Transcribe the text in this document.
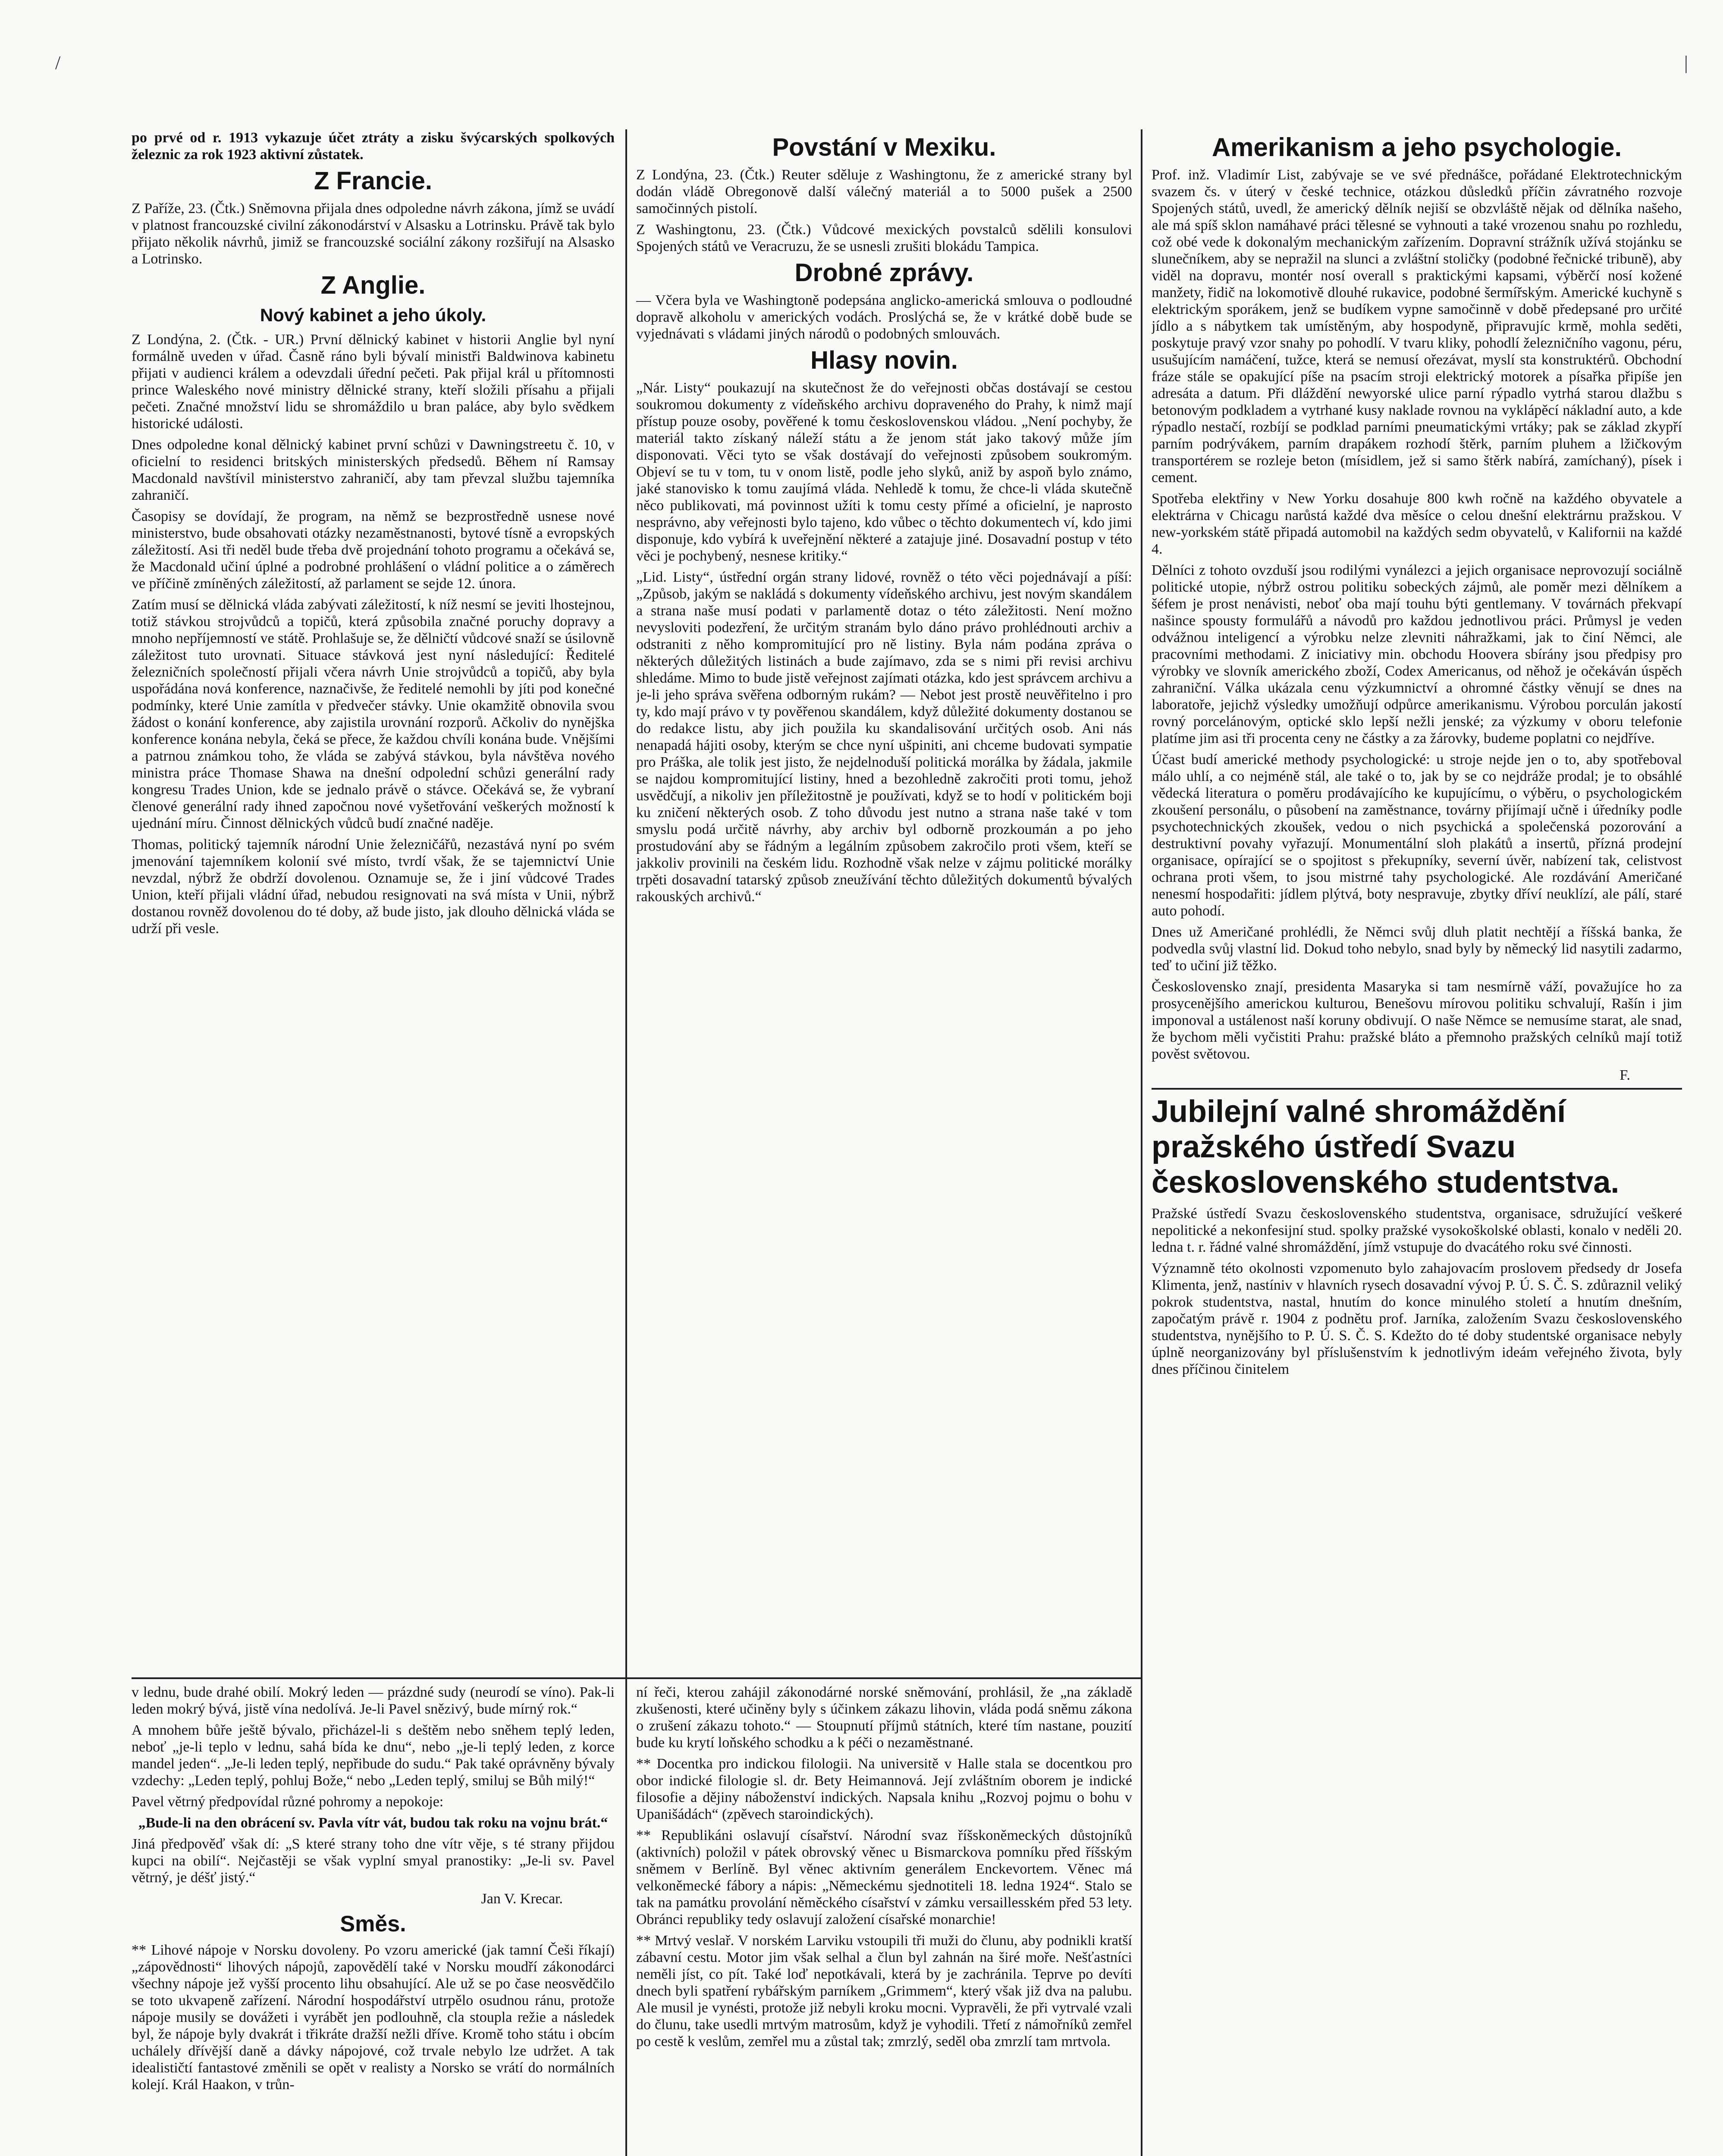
/	|

po prvé od r. 1913 vykazuje účet ztráty a zisku švýcarských spolkových železnic za rok 1923 aktivní zůstatek.

Z Francie.

Z Paříže, 23. (Čtk.) Sněmovna přijala dnes odpoledne návrh zákona, jímž se uvádí v platnost francouzské civilní zákonodárství v Alsasku a Lotrinsku. Právě tak bylo přijato několik návrhů, jimiž se francouzské sociální zákony rozšiřují na Alsasko a Lotrinsko.

Z Anglie.
Nový kabinet a jeho úkoly.

Z Londýna, 2. (Čtk. - UR.) První dělnický kabinet v historii Anglie byl nyní formálně uveden v úřad. Časně ráno byli bývalí ministři Baldwinova kabinetu přijati v audienci králem a odevzdali úřední pečeti. Pak přijal král u přítomnosti prince Waleského nové ministry dělnické strany, kteří složili přísahu a přijali pečeti. Značné množství lidu se shromáždilo u bran paláce, aby bylo svědkem historické události.

Dnes odpoledne konal dělnický kabinet první schůzi v Dawningstreetu č. 10, v oficielní to residenci britských ministerských předsedů. Během ní Ramsay Macdonald navštívil ministerstvo zahraničí, aby tam převzal službu tajemníka zahraničí.

Časopisy se dovídají, že program, na němž se bezprostředně usnese nové ministerstvo, bude obsahovati otázky nezaměstnanosti, bytové tísně a evropských záležitostí. Asi tři neděl bude třeba dvě projednání tohoto programu a očekává se, že Macdonald učiní úplné a podrobné prohlášení o vládní politice a o záměrech ve příčině zmíněných záležitostí, až parlament se sejde 12. února.

Zatím musí se dělnická vláda zabývati záležitostí, k níž nesmí se jeviti lhostejnou, totiž stávkou strojvůdců a topičů, která způsobila značné poruchy dopravy a mnoho nepříjemností ve státě. Prohlašuje se, že dělničtí vůdcové snaží se úsilovně záležitost tuto urovnati. Situace stávková jest nyní následující: Ředitelé železničních společností přijali včera návrh Unie strojvůdců a topičů, aby byla uspořádána nová konference, naznačivše, že ředitelé nemohli by jíti pod konečné podmínky, které Unie zamítla v předvečer stávky. Unie okamžitě obnovila svou žádost o konání konference, aby zajistila urovnání rozporů. Ačkoliv do nynějška konference konána nebyla, čeká se přece, že každou chvíli konána bude. Vnějšími a patrnou známkou toho, že vláda se zabývá stávkou, byla návštěva nového ministra práce Thomase Shawa na dnešní odpolední schůzi generální rady kongresu Trades Union, kde se jednalo právě o stávce. Očekává se, že vybraní členové generální rady ihned započnou nové vyšetřování veškerých možností k ujednání míru. Činnost dělnických vůdců budí značné naděje.

Thomas, politický tajemník národní Unie železničářů, nezastává nyní po svém jmenování tajemníkem kolonií své místo, tvrdí však, že se tajemnictví Unie nevzdal, nýbrž že obdrží dovolenou. Oznamuje se, že i jiní vůdcové Trades Union, kteří přijali vládní úřad, nebudou resignovati na svá místa v Unii, nýbrž dostanou rovněž dovolenou do té doby, až bude jisto, jak dlouho dělnická vláda se udrží při vesle.

Povstání v Mexiku.

Z Londýna, 23. (Čtk.) Reuter sděluje z Washingtonu, že z americké strany byl dodán vládě Obregonově další válečný materiál a to 5000 pušek a 2500 samočinných pistolí.

Z Washingtonu, 23. (Čtk.) Vůdcové mexických povstalců sdělili konsulovi Spojených států ve Veracruzu, že se usnesli zrušiti blokádu Tampica.

Drobné zprávy.

— Včera byla ve Washingtoně podepsána anglicko-americká smlouva o podloudné dopravě alkoholu v amerických vodách. Proslýchá se, že v krátké době bude se vyjednávati s vládami jiných národů o podobných smlouvách.

Hlasy novin.

„Nár. Listy“ poukazují na skutečnost že do veřejnosti občas dostávají se cestou soukromou dokumenty z vídeňského archivu dopraveného do Prahy, k nimž mají přístup pouze osoby, pověřené k tomu československou vládou. „Není pochyby, že materiál takto získaný náleží státu a že jenom stát jako takový může jím disponovati. Věci tyto se však dostávají do veřejnosti způsobem soukromým. Objeví se tu v tom, tu v onom listě, podle jeho slyků, aniž by aspoň bylo známo, jaké stanovisko k tomu zaujímá vláda. Nehledě k tomu, že chce-li vláda skutečně něco publikovati, má povinnost užíti k tomu cesty přímé a oficielní, je naprosto nesprávno, aby veřejnosti bylo tajeno, kdo vůbec o těchto dokumentech ví, kdo jimi disponuje, kdo vybírá k uveřejnění některé a zatajuje jiné. Dosavadní postup v této věci je pochybený, nesnese kritiky.“

„Lid. Listy“, ústřední orgán strany lidové, rovněž o této věci pojednávají a píší: „Způsob, jakým se nakládá s dokumenty vídeňského archivu, jest novým skandálem a strana naše musí podati v parlamentě dotaz o této záležitosti. Není možno nevysloviti podezření, že určitým stranám bylo dáno právo prohlédnouti archiv a odstraniti z něho kompromitující pro ně listiny. Byla nám podána zpráva o některých důležitých listinách a bude zajímavo, zda se s nimi při revisi archivu shledáme. Mimo to bude jistě veřejnost zajímati otázka, kdo jest správcem archivu a je-li jeho správa svěřena odborným rukám? — Nebot jest prostě neuvěřitelno i pro ty, kdo mají právo v ty pověřenou skandálem, když důležité dokumenty dostanou se do redakce listu, aby jich použila ku skandalisování určitých osob. Ani nás nenapadá hájiti osoby, kterým se chce nyní ušpiniti, ani chceme budovati sympatie pro Práška, ale tolik jest jisto, že nejdelnoduší politická morálka by žádala, jakmile se najdou kompromitující listiny, hned a bezohledně zakročiti proti tomu, jehož usvědčují, a nikoliv jen příležitostně je používati, když se to hodí v politickém boji ku zničení některých osob. Z toho důvodu jest nutno a strana naše také v tom smyslu podá určitě návrhy, aby archiv byl odborně prozkoumán a po jeho prostudování aby se řádným a legálním způsobem zakročilo proti všem, kteří se jakkoliv provinili na českém lidu. Rozhodně však nelze v zájmu politické morálky trpěti dosavadní tatarský způsob zneužívání těchto důležitých dokumentů bývalých rakouských archivů.“

Amerikanism a jeho psychologie.

Prof. inž. Vladimír List, zabývaje se ve své přednášce, pořádané Elektrotechnickým svazem čs. v úterý v české technice, otázkou důsledků příčin závratného rozvoje Spojených států, uvedl, že americký dělník nejiší se obzvláště nějak od dělníka našeho, ale má spíš sklon namáhavé práci tělesné se vyhnouti a také vrozenou snahu po rozhledu, což obé vede k dokonalým mechanickým zařízením. Dopravní strážník užívá stojánku se slunečníkem, aby se nepražil na slunci a zvláštní stoličky (podobné řečnické tribuně), aby viděl na dopravu, montér nosí overall s praktickými kapsami, výběrčí nosí kožené manžety, řidič na lokomotivě dlouhé rukavice, podobné šermířským. Americké kuchyně s elektrickým sporákem, jenž se budíkem vypne samočinně v době předepsané pro určité jídlo a s nábytkem tak umístěným, aby hospodyně, připravujíc krmě, mohla seděti, poskytuje pravý vzor snahy po pohodlí. V tvaru kliky, pohodlí železničního vagonu, péru, usušujícím namáčení, tužce, která se nemusí ořezávat, myslí sta konstruktérů. Obchodní fráze stále se opakující píše na psacím stroji elektrický motorek a písařka připíše jen adresáta a datum. Při dláždění newyorské ulice parní rýpadlo vytrhá starou dlažbu s betonovým podkladem a vytrhané kusy naklade rovnou na vyklápěcí nákladní auto, a kde rýpadlo nestačí, rozbíjí se podklad parními pneumatickými vrtáky; pak se základ zkypří parním podrývákem, parním drapákem rozhodí štěrk, parním pluhem a lžičkovým transportérem se rozleje beton (mísidlem, jež si samo štěrk nabírá, zamíchaný), písek i cement.

Spotřeba elektřiny v New Yorku dosahuje 800 kwh ročně na každého obyvatele a elektrárna v Chicagu narůstá každé dva měsíce o celou dnešní elektrárnu pražskou. V new-yorkském státě připadá automobil na každých sedm obyvatelů, v Kalifornii na každé 4.

Dělníci z tohoto ovzduší jsou rodilými vynálezci a jejich organisace neprovozují sociálně politické utopie, nýbrž ostrou politiku sobeckých zájmů, ale poměr mezi dělníkem a šéfem je prost nenávisti, neboť oba mají touhu býti gentlemany. V továrnách překvapí našince spousty formulářů a návodů pro každou jednotlivou práci. Průmysl je veden odvážnou inteligencí a výrobku nelze zlevniti náhražkami, jak to činí Němci, ale pracovními methodami. Z iniciativy min. obchodu Hoovera sbírány jsou předpisy pro výrobky ve slovník amerického zboží, Codex Americanus, od něhož je očekáván úspěch zahraniční. Válka ukázala cenu výzkumnictví a ohromné částky věnují se dnes na laboratoře, jejichž výsledky umožňují odpůrce amerikanismu. Výrobou porculán jakostí rovný porcelánovým, optické sklo lepší nežli jenské; za výzkumy v oboru telefonie platíme jim asi tři procenta ceny ne částky a za žárovky, budeme poplatni co nejdříve.

Účast budí americké methody psychologické: u stroje nejde jen o to, aby spotřeboval málo uhlí, a co nejméně stál, ale také o to, jak by se co nejdráže prodal; je to obsáhlé vědecká literatura o poměru prodávajícího ke kupujícímu, o výběru, o psychologickém zkoušení personálu, o působení na zaměstnance, továrny přijímají učně i úředníky podle psychotechnických zkoušek, vedou o nich psychická a společenská pozorování a destruktivní povahy vyřazují. Monumentální sloh plakátů a insertů, přízná prodejní organisace, opírající se o spojitost s překupníky, severní úvěr, nabízení tak, celistvost ochrana proti všem, to jsou mistrné tahy psychologické. Ale rozdávání Američané nenesmí hospodařiti: jídlem plýtvá, boty nespravuje, zbytky dříví neuklízí, ale pálí, staré auto pohodí.

Dnes už Američané prohlédli, že Němci svůj dluh platit nechtějí a říšská banka, že podvedla svůj vlastní lid. Dokud toho nebylo, snad byly by německý lid nasytili zadarmo, teď to učiní již těžko.

Československo znají, presidenta Masaryka si tam nesmírně váží, považujíce ho za prosycenějšího americkou kulturou, Benešovu mírovou politiku schvalují, Rašín i jim imponoval a ustálenost naší koruny obdivují. O naše Němce se nemusíme starat, ale snad, že bychom měli vyčistiti Prahu: pražské bláto a přemnoho pražských celníků mají totiž pověst světovou.

F.

Jubilejní valné shromáždění pražského ústředí Svazu československého studentstva.

Pražské ústředí Svazu československého studentstva, organisace, sdružující veškeré nepolitické a nekonfesijní stud. spolky pražské vysokoškolské oblasti, konalo v neděli 20. ledna t. r. řádné valné shromáždění, jímž vstupuje do dvacátého roku své činnosti.

Významně této okolnosti vzpomenuto bylo zahajovacím proslovem předsedy dr Josefa Klimenta, jenž, nastíniv v hlavních rysech dosavadní vývoj P. Ú. S. Č. S. zdůraznil veliký pokrok studentstva, nastal, hnutím do konce minulého století a hnutím dnešním, započatým právě r. 1904 z podnětu prof. Jarníka, založením Svazu československého studentstva, nynějšího to P. Ú. S. Č. S. Kdežto do té doby studentské organisace nebyly úplně neorganizovány byl příslušenstvím k jednotlivým ideám veřejného života, byly dnes příčinou činitelem

v lednu, bude drahé obilí. Mokrý leden — prázdné sudy (neurodí se víno). Pak-li leden mokrý bývá, jistě vína nedolívá. Je-li Pavel snězivý, bude mírný rok.“

A mnohem bůře ještě bývalo, přicházel-li s deštěm nebo sněhem teplý leden, neboť „je-li teplo v lednu, sahá bída ke dnu“, nebo „je-li teplý leden, z korce mandel jeden“. „Je-li leden teplý, nepřibude do sudu.“ Pak také oprávněny bývaly vzdechy: „Leden teplý, pohluj Bože,“ nebo „Leden teplý, smiluj se Bůh milý!“

Pavel větrný předpovídal různé pohromy a nepokoje:

„Bude-li na den obrácení sv. Pavla vítr vát, budou tak roku na vojnu brát.“

Jiná předpověď však dí: „S které strany toho dne vítr věje, s té strany přijdou kupci na obilí“. Nejčastěji se však vyplní smyal pranostiky: „Je-li sv. Pavel větrný, je déšť jistý.“

Jan V. Krecar.

Směs.

** Lihové nápoje v Norsku dovoleny. Po vzoru americké (jak tamní Češi říkají) „zápovědnosti“ lihových nápojů, zapovědělí také v Norsku moudří zákonodárci všechny nápoje jež vyšší procento lihu obsahující. Ale už se po čase neosvědčilo se toto ukvapeně zařízení. Národní hospodářství utrpělo osudnou ránu, protože nápoje musily se dovážeti i vyrábět jen podlouhně, cla stoupla režie a následek byl, že nápoje byly dvakrát i třikráte dražší nežli dříve. Kromě toho státu i obcím uchálely dřívější daně a dávky nápojové, což trvale nebylo lze udržet. A tak idealističtí fantastové změnili se opět v realisty a Norsko se vrátí do normálních kolejí. Král Haakon, v trůn-

ní řeči, kterou zahájil zákonodárné norské sněmování, prohlásil, že „na základě zkušenosti, které učiněny byly s účinkem zákazu lihovin, vláda podá sněmu zákona o zrušení zákazu tohoto.“ — Stoupnutí příjmů státních, které tím nastane, pouzití bude ku krytí loňského schodku a k péči o nezaměstnané.

** Docentka pro indickou filologii. Na universitě v Halle stala se docentkou pro obor indické filologie sl. dr. Bety Heimannová. Její zvláštním oborem je indické filosofie a dějiny náboženství indických. Napsala knihu „Rozvoj pojmu o bohu v Upanišádách“ (zpěvech staroindických).

** Republikáni oslavují císařství. Národní svaz říšskoněmeckých důstojníků (aktivních) položil v pátek obrovský věnec u Bismarckova pomníku před říšským sněmem v Berlíně. Byl věnec aktivním generálem Enckevortem. Věnec má velkoněmecké fábory a nápis: „Německému sjednotiteli 18. ledna 1924“. Stalo se tak na památku provolání něměckého císařství v zámku versaillesském před 53 lety. Obránci republiky tedy oslavují založení císařské monarchie!

** Mrtvý veslař. V norském Larviku vstoupili tři muži do člunu, aby podnikli kratší zábavní cestu. Motor jim však selhal a člun byl zahnán na širé moře. Nešťastníci neměli jíst, co pít. Také loď nepotkávali, která by je zachránila. Teprve po devíti dnech byli spatření rybářským parníkem „Grimmem“, který však již dva na palubu. Ale musil je vynésti, protože již nebyli kroku mocni. Vypravěli, že při vytrvalé vzali do člunu, take usedli mrtvým matrosům, když je vyhodili. Třetí z námořníků zemřel po cestě k veslům, zemřel mu a zůstal tak; zmrzlý, seděl oba zmrzlí tam mrtvola.
